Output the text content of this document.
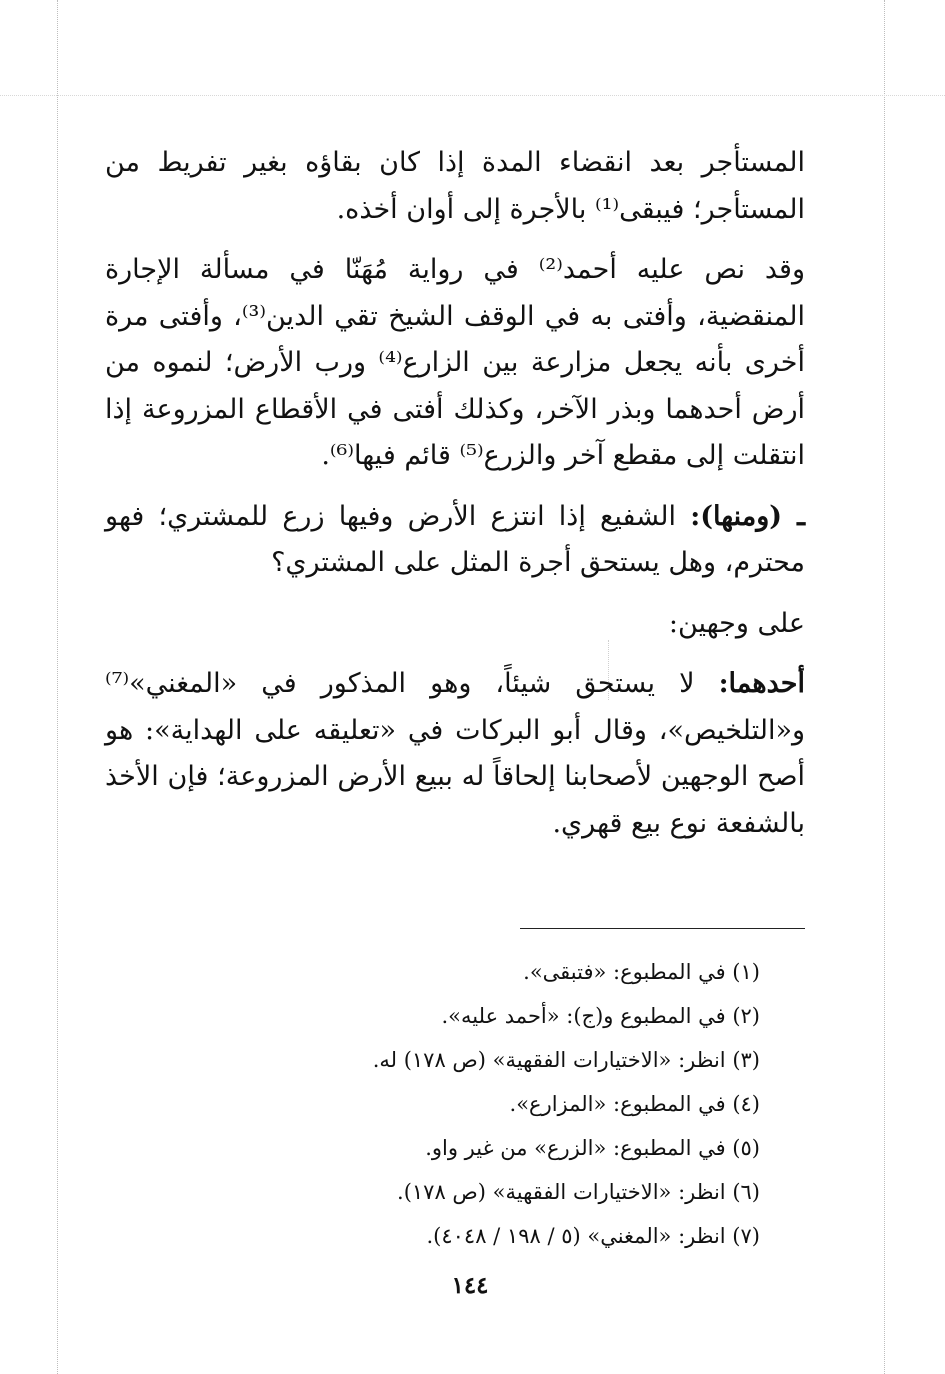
المستأجر بعد انقضاء المدة إذا كان بقاؤه بغير تفريط من المستأجر؛ فيبقى⁽¹⁾ بالأجرة إلى أوان أخذه.

وقد نص عليه أحمد⁽²⁾ في رواية مُهَنّا في مسألة الإجارة المنقضية، وأفتى به في الوقف الشيخ تقي الدين⁽³⁾، وأفتى مرة أخرى بأنه يجعل مزارعة بين الزارع⁽⁴⁾ ورب الأرض؛ لنموه من أرض أحدهما وبذر الآخر، وكذلك أفتى في الأقطاع المزروعة إذا انتقلت إلى مقطع آخر والزرع⁽⁵⁾ قائم فيها⁽⁶⁾.

ـ (ومنها): الشفيع إذا انتزع الأرض وفيها زرع للمشتري؛ فهو محترم، وهل يستحق أجرة المثل على المشتري؟

على وجهين:

أحدهما: لا يستحق شيئاً، وهو المذكور في «المغني»⁽⁷⁾ و«التلخيص»، وقال أبو البركات في «تعليقه على الهداية»: هو أصح الوجهين لأصحابنا إلحاقاً له ببيع الأرض المزروعة؛ فإن الأخذ بالشفعة نوع بيع قهري.

(١) في المطبوع: «فتبقى».
(٢) في المطبوع و(ج): «أحمد عليه».
(٣) انظر: «الاختيارات الفقهية» (ص ١٧٨) له.
(٤) في المطبوع: «المزارع».
(٥) في المطبوع: «الزرع» من غير واو.
(٦) انظر: «الاختيارات الفقهية» (ص ١٧٨).
(٧) انظر: «المغني» (٥ / ١٩٨ / ٤٠٤٨).
١٤٤
